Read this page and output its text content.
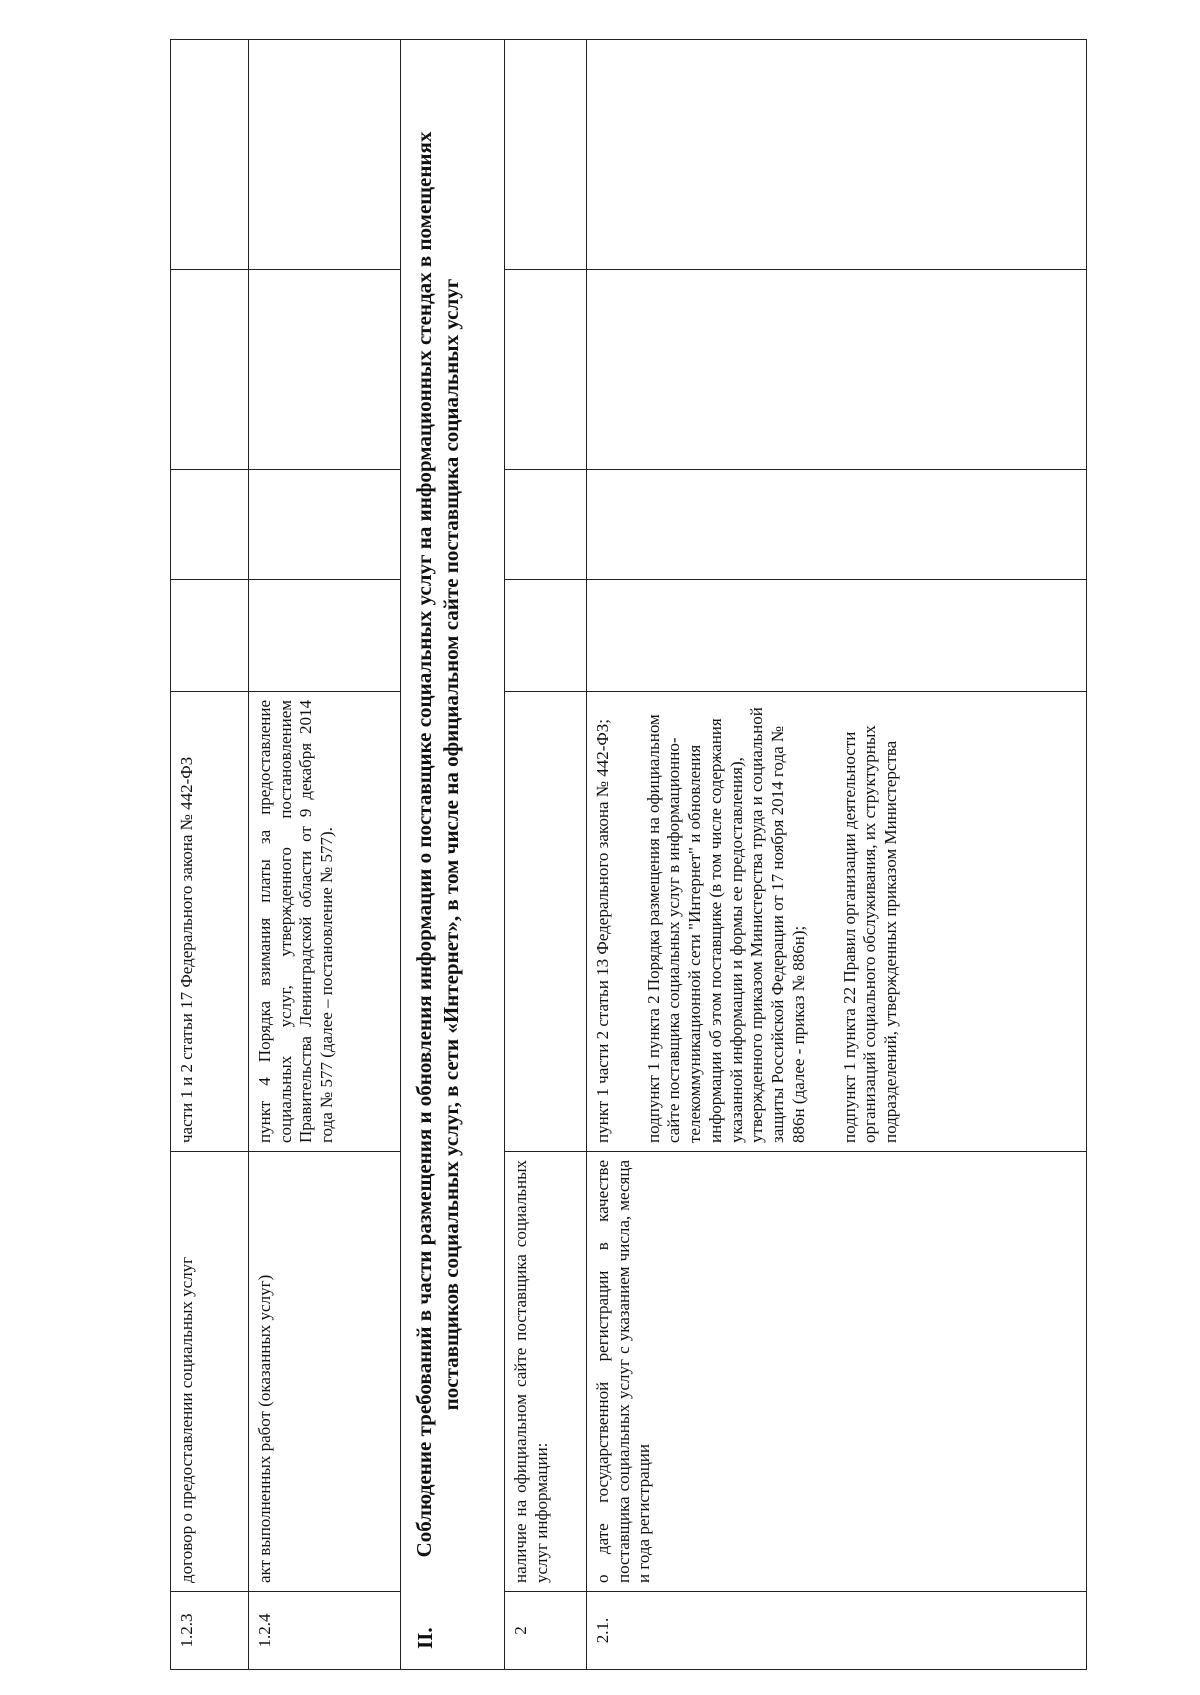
1.2.3	договор о предоставлении социальных услуг	части 1 и 2 статьи 17 Федерального закона № 442-ФЗ				
1.2.4	акт выполненных работ (оказанных услуг)	пункт 4 Порядка взимания платы за предоставление социальных услуг, утвержденного постановлением Правительства Ленинградской области от 9 декабря 2014 года № 577 (далее – постановление № 577).				

II.
Соблюдение требований в части размещения и обновления информации о поставщике социальных услуг на информационных стендах в помещениях поставщиков социальных услуг, в сети «Интернет», в том числе на официальном сайте поставщика социальных услуг						

2	наличие на официальном сайте поставщика социальных услуг информации:					
2.1.	о дате государственной регистрации в качестве поставщика социальных услуг с указанием числа, месяца и года регистрации	пункт 1 части 2 статьи 13 Федерального закона № 442-ФЗ; подпункт 1 пункта 2 Порядка размещения на официальном сайте поставщика социальных услуг в информационно-телекоммуникационной сети "Интернет" и обновления информации об этом поставщике (в том числе содержания указанной информации и формы ее предоставления), утвержденного приказом Министерства труда и социальной защиты Российской Федерации от 17 ноября 2014 года № 886н (далее - приказ № 886н); подпункт 1 пункта 22 Правил организации деятельности организаций социального обслуживания, их структурных подразделений, утвержденных приказом Министерства				
